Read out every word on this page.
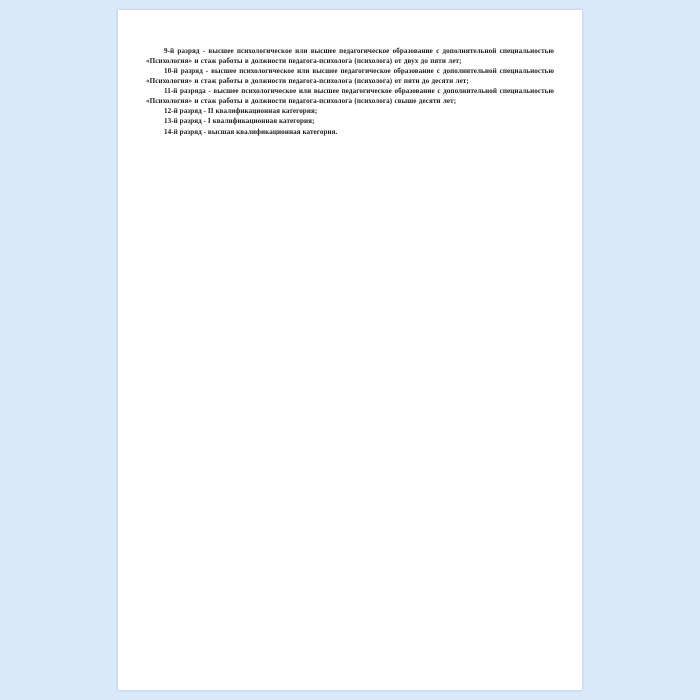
9-й разряд - высшее психологическое или высшее педагогическое образование с дополнительной специальностью «Психология» и стаж работы в должности педагога-психолога (психолога) от двух до пяти лет;

10-й разряд - высшее психологическое или высшее педагогическое образование с дополнительной специальностью «Психология» и стаж работы в должности педагога-психолога (психолога) от пяти до десяти лет;

11-й разряда - высшее психологическое или высшее педагогическое образование с дополнительной специальностью «Психология» и стаж работы в должности педагога-психолога (психолога) свыше десяти лет;

12-й разряд - II квалификационная категория;

13-й разряд - I квалификационная категория;

14-й разряд - высшая квалификационная категория.
